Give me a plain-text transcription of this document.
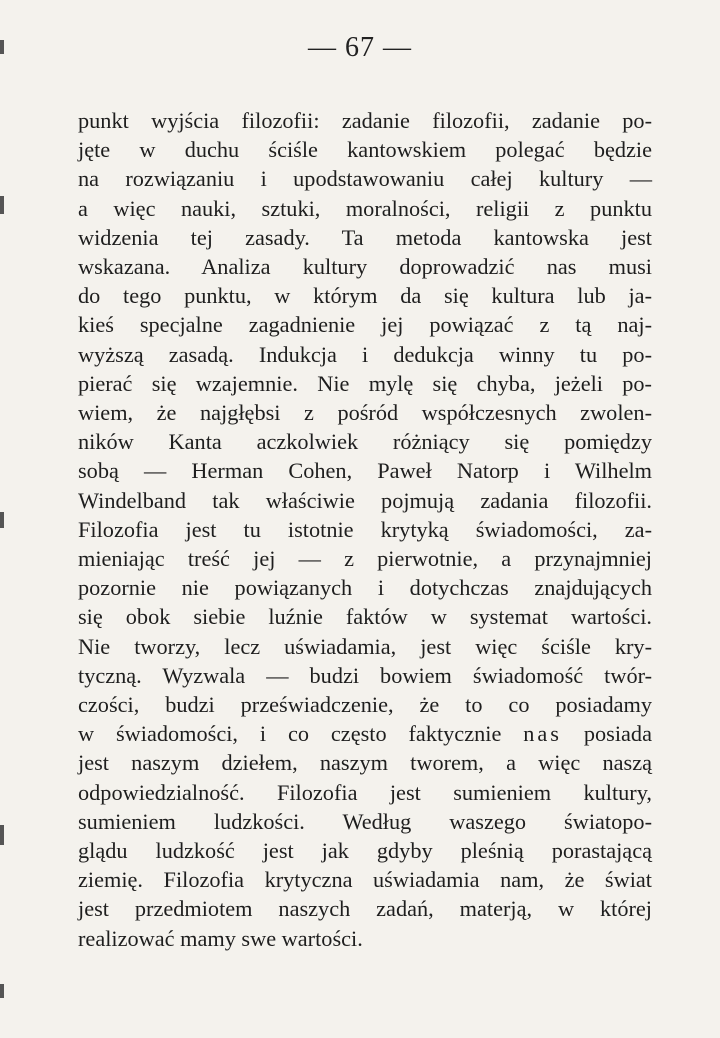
— 67 —
punkt wyjścia filozofii: zadanie filozofii, zadanie po-
jęte w duchu ściśle kantowskiem polegać będzie
na rozwiązaniu i upodstawowaniu całej kultury —
a więc nauki, sztuki, moralności, religii z punktu
widzenia tej zasady. Ta metoda kantowska jest
wskazana. Analiza kultury doprowadzić nas musi
do tego punktu, w którym da się kultura lub ja-
kieś specjalne zagadnienie jej powiązać z tą naj-
wyższą zasadą. Indukcja i dedukcja winny tu po-
pierać się wzajemnie. Nie mylę się chyba, jeżeli po-
wiem, że najgłębsi z pośród współczesnych zwolen-
ników Kanta aczkolwiek różniący się pomiędzy
sobą — Herman Cohen, Paweł Natorp i Wilhelm
Windelband tak właściwie pojmują zadania filozofii.
Filozofia jest tu istotnie krytyką świadomości, za-
mieniając treść jej — z pierwotnie, a przynajmniej
pozornie nie powiązanych i dotychczas znajdujących
się obok siebie luźnie faktów w systemat wartości.
Nie tworzy, lecz uświadamia, jest więc ściśle kry-
tyczną. Wyzwala — budzi bowiem świadomość twór-
czości, budzi przeświadczenie, że to co posiadamy
w świadomości, i co często faktycznie nas posiada
jest naszym dziełem, naszym tworem, a więc naszą
odpowiedzialność. Filozofia jest sumieniem kultury,
sumieniem ludzkości. Według waszego światopo-
glądu ludzkość jest jak gdyby pleśnią porastającą
ziemię. Filozofia krytyczna uświadamia nam, że świat
jest przedmiotem naszych zadań, materją, w której
realizować mamy swe wartości.
